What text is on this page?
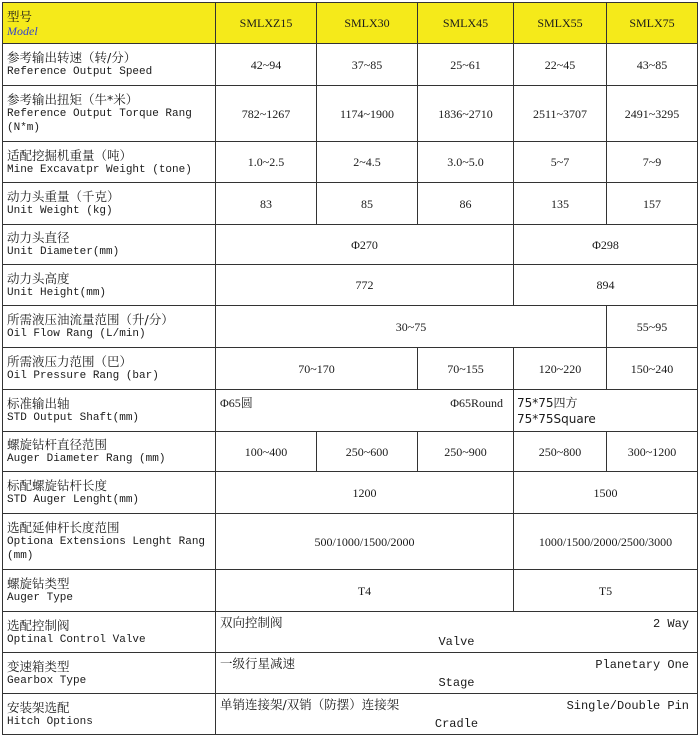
型号
Model	SMLXZ15	SMLX30	SMLX45	SMLX55	SMLX75

参考输出转速（转/分）
Reference Output Speed	42~94	37~85	25~61	22~45	43~85

参考输出扭矩（牛*米）
Reference Output Torque Rang (N*m)	782~1267	1174~1900	1836~2710	2511~3707	2491~3295

适配挖掘机重量（吨）
Mine Excavatpr Weight (tone)	1.0~2.5	2~4.5	3.0~5.0	5~7	7~9

动力头重量（千克）
Unit Weight (kg)	83	85	86	135	157

动力头直径
Unit Diameter(mm)	Φ270			Φ298	

动力头高度
Unit Height(mm)	772			894	

所需液压油流量范围（升/分）
Oil Flow Rang (L/min)	30~75				55~95

所需液压力范围（巴）
Oil Pressure Rang (bar)	70~170		70~155	120~220	150~240

标准输出轴
STD Output Shaft(mm)	Φ65圆 Φ65Round			75*75四方
75*75Square	

螺旋钻杆直径范围
Auger Diameter Rang (mm)	100~400	250~600	250~900	250~800	300~1200

标配螺旋钻杆长度
STD Auger Lenght(mm)	1200			1500	

选配延伸杆长度范围
Optiona Extensions Lenght Rang (mm)	500/1000/1500/2000			1000/1500/2000/2500/3000	

螺旋钻类型
Auger Type	T4			T5	

选配控制阀
Optinal Control Valve	双向控制阀 2 Way
Valve				

变速箱类型
Gearbox Type	一级行星减速 Planetary One
Stage				

安装架选配
Hitch Options	单销连接架/双销（防摆）连接架 Single/Double Pin
Cradle				
